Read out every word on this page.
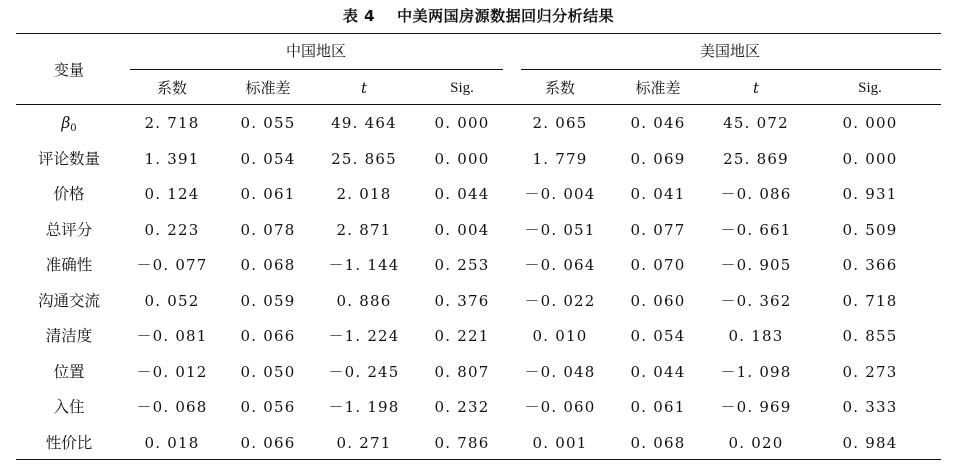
表 4 中美两国房源数据回归分析结果
变量
中国地区	美国地区
系数	标准差	t	Sig.	系数	标准差	t	Sig.
$\beta_0$	2. 718	0. 055	49. 464	0. 000	2. 065	0. 046	45. 072	0. 000
评论数量	1. 391	0. 054	25. 865	0. 000	1. 779	0. 069	25. 869	0. 000
价格	0. 124	0. 061	2. 018	0. 044	－0. 004	0. 041	－0. 086	0. 931
总评分	0. 223	0. 078	2. 871	0. 004	－0. 051	0. 077	－0. 661	0. 509
准确性	－0. 077	0. 068	－1. 144	0. 253	－0. 064	0. 070	－0. 905	0. 366
沟通交流	0. 052	0. 059	0. 886	0. 376	－0. 022	0. 060	－0. 362	0. 718
清洁度	－0. 081	0. 066	－1. 224	0. 221	0. 010	0. 054	0. 183	0. 855
位置	－0. 012	0. 050	－0. 245	0. 807	－0. 048	0. 044	－1. 098	0. 273
入住	－0. 068	0. 056	－1. 198	0. 232	－0. 060	0. 061	－0. 969	0. 333
性价比	0. 018	0. 066	0. 271	0. 786	0. 001	0. 068	0. 020	0. 984
